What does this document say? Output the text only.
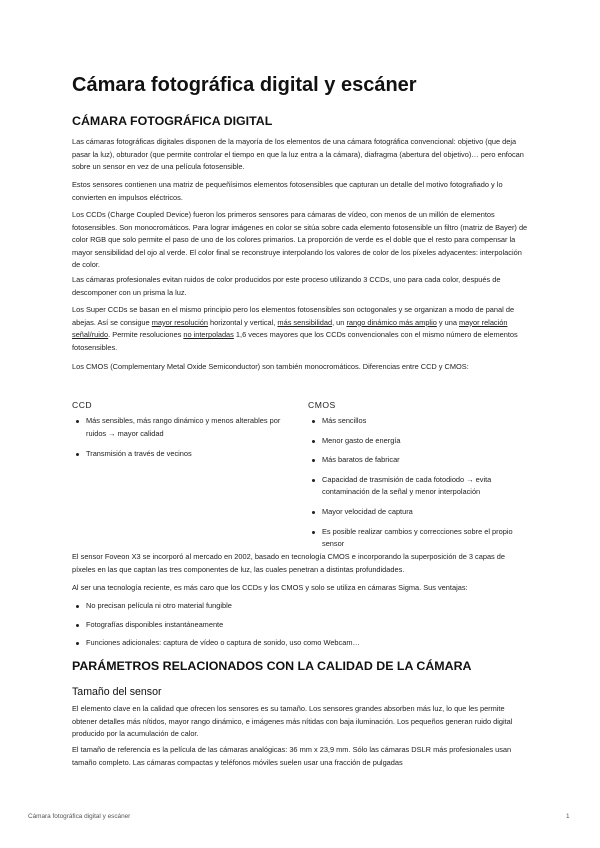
Cámara fotográfica digital y escáner
CÁMARA FOTOGRÁFICA DIGITAL

Las cámaras fotográficas digitales disponen de la mayoría de los elementos de una cámara fotográfica convencional: objetivo (que deja pasar la luz), obturador (que permite controlar el tiempo en que la luz entra a la cámara), diafragma (abertura del objetivo)… pero enfocan sobre un sensor en vez de una película fotosensible.

Estos sensores contienen una matriz de pequeñísimos elementos fotosensibles que capturan un detalle del motivo fotografiado y lo convierten en impulsos eléctricos.

Los CCDs (Charge Coupled Device) fueron los primeros sensores para cámaras de vídeo, con menos de un millón de elementos fotosensibles. Son monocromáticos. Para lograr imágenes en color se sitúa sobre cada elemento fotosensible un filtro (matriz de Bayer) de color RGB que solo permite el paso de uno de los colores primarios. La proporción de verde es el doble que el resto para compensar la mayor sensibilidad del ojo al verde. El color final se reconstruye interpolando los valores de color de los píxeles adyacentes: interpolación de color.

Las cámaras profesionales evitan ruidos de color producidos por este proceso utilizando 3 CCDs, uno para cada color, después de descomponer con un prisma la luz.

Los Super CCDs se basan en el mismo principio pero los elementos fotosensibles son octogonales y se organizan a modo de panal de abejas. Así se consigue mayor resolución horizontal y vertical, más sensibilidad, un rango dinámico más amplio y una mayor relación señal/ruido. Permite resoluciones no interpoladas 1,6 veces mayores que los CCDs convencionales con el mismo número de elementos fotosensibles.

Los CMOS (Complementary Metal Oxide Semiconductor) son también monocromáticos. Diferencias entre CCD y CMOS:

CCD
Más sensibles, más rango dinámico y menos alterables por ruidos → mayor calidad
Transmisión a través de vecinos
CMOS
Más sencillos
Menor gasto de energía
Más baratos de fabricar
Capacidad de trasmisión de cada fotodiodo → evita contaminación de la señal y menor interpolación
Mayor velocidad de captura
Es posible realizar cambios y correcciones sobre el propio sensor

El sensor Foveon X3 se incorporó al mercado en 2002, basado en tecnología CMOS e incorporando la superposición de 3 capas de píxeles en las que captan las tres componentes de luz, las cuales penetran a distintas profundidades.

Al ser una tecnología reciente, es más caro que los CCDs y los CMOS y solo se utiliza en cámaras Sigma. Sus ventajas:

No precisan película ni otro material fungible
Fotografías disponibles instantáneamente
Funciones adicionales: captura de vídeo o captura de sonido, uso como Webcam…
PARÁMETROS RELACIONADOS CON LA CALIDAD DE LA CÁMARA
Tamaño del sensor

El elemento clave en la calidad que ofrecen los sensores es su tamaño. Los sensores grandes absorben más luz, lo que les permite obtener detalles más nítidos, mayor rango dinámico, e imágenes más nítidas con baja iluminación. Los pequeños generan ruido digital producido por la acumulación de calor.

El tamaño de referencia es la película de las cámaras analógicas: 36 mm x 23,9 mm. Sólo las cámaras DSLR más profesionales usan tamaño completo. Las cámaras compactas y teléfonos móviles suelen usar una fracción de pulgadas

Cámara fotográfica digital y escáner	1
